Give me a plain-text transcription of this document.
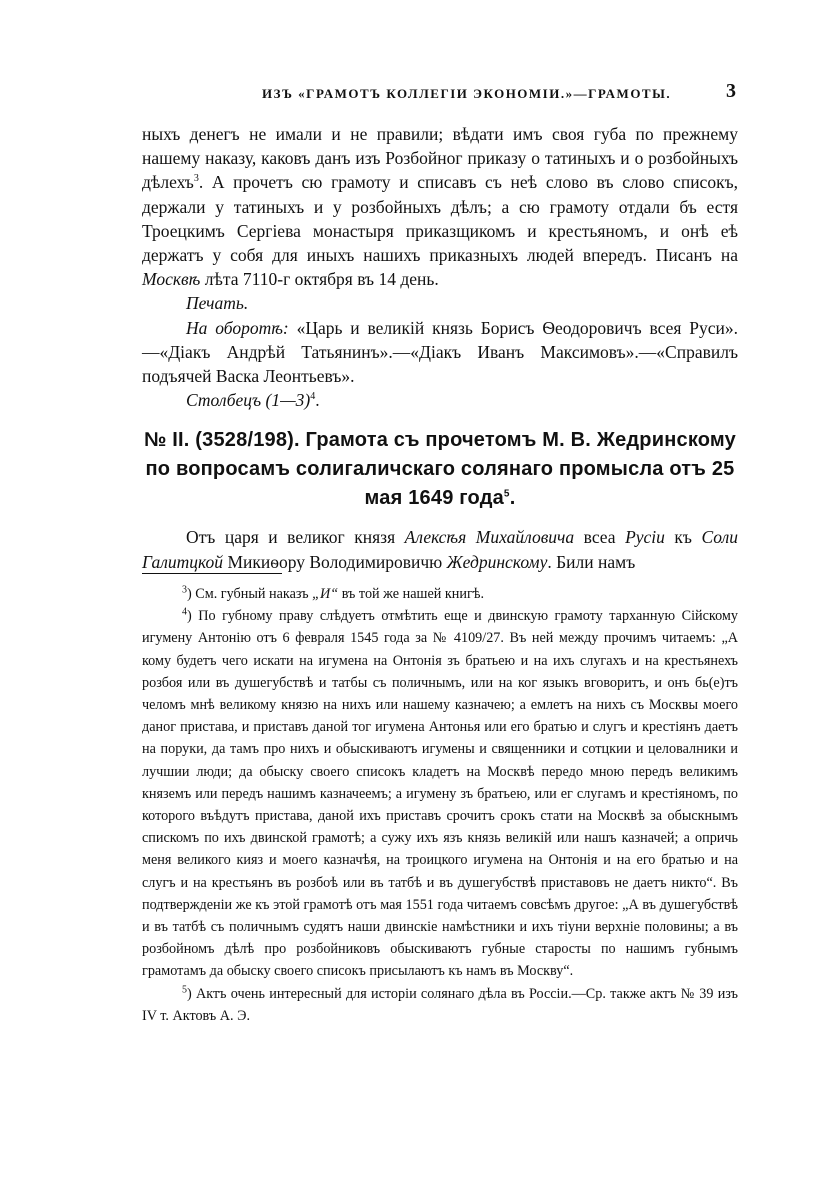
ИЗЪ «ГРАМОТЪ КОЛЛЕГІИ ЭКОНОМІИ.»—ГРАМОТЫ.	3

ныхъ денегъ не имали и не правили; вѣдати имъ своя губа по прежнему нашему наказу, каковъ данъ изъ Розбойног приказу о татиныхъ и о розбойныхъ дѣлехъ$^3$. А прочетъ сю грамоту и списавъ съ неѣ слово въ слово списокъ, держали у татиныхъ и у розбойныхъ дѣлъ; а сю грамоту отдали бъ естя Троецкимъ Сергіева монастыря приказщикомъ и крестьяномъ, и онѣ еѣ держатъ у собя для иныхъ нашихъ приказныхъ людей впередъ. Писанъ на Москвѣ лѣта 7110-г октября въ 14 день.

Печать.

На оборотѣ: «Царь и великій князь Борисъ Ѳеодоровичъ всея Руси».—«Діакъ Андрѣй Татьянинъ».—«Діакъ Иванъ Максимовъ».—«Справилъ подъячей Васка Леонтьевъ».

Столбецъ (1—3)$^4$.

№ II. (3528/198). Грамота съ прочетомъ М. В. Жедринскому по вопросамъ солигаличскаго солянаго промысла отъ 25 мая 1649 года$^5$.

Отъ царя и великог князя Алексѣя Михайловича всеа Русіи къ Соли Галитцкой Микиѳору Володимировичю Жедринскому. Били намъ

$^3$) См. губный наказъ „И“ въ той же нашей книгѣ.

$^4$) По губному праву слѣдуетъ отмѣтить еще и двинскую грамоту тарханную Сійскому игумену Антонію отъ 6 февраля 1545 года за № 4109/27. Въ ней между прочимъ читаемъ: „А кому будетъ чего искати на игумена на Онтонія зъ братьею и на ихъ слугахъ и на крестьянехъ розбоя или въ душегубствѣ и татбы съ поличнымъ, или на ког языкъ вговоритъ, и онъ бь(е)тъ челомъ мнѣ великому князю на нихъ или нашему казначею; а емлетъ на нихъ съ Москвы моего даног пристава, и приставъ даной тог игумена Антонья или его братью и слугъ и крестіянъ даетъ на поруки, да тамъ про нихъ и обыскиваютъ игумены и священники и сотцкии и целовалники и лучшии люди; да обыску своего списокъ кладетъ на Москвѣ передо мною передъ великимъ княземъ или передъ нашимъ казначеемъ; а игумену зъ братьею, или ег слугамъ и крестіяномъ, по которого въѣдутъ пристава, даной ихъ приставъ срочитъ срокъ стати на Москвѣ за обыскнымъ спискомъ по ихъ двинской грамотѣ; а сужу ихъ язъ князь великій или нашъ казначей; а опричь меня великого кияз и моего казначѣя, на троицкого игумена на Онтонія и на его братью и на слугъ и на крестьянъ въ розбоѣ или въ татбѣ и въ душегубствѣ приставовъ не даетъ никто“. Въ подтвержденіи же къ этой грамотѣ отъ мая 1551 года читаемъ совсѣмъ другое: „А въ душегубствѣ и въ татбѣ съ поличнымъ судятъ наши двинскіе намѣстники и ихъ тіуни верхніе половины; а въ розбойномъ дѣлѣ про розбойниковъ обыскиваютъ губные старосты по нашимъ губнымъ грамотамъ да обыску своего списокъ присылаютъ къ намъ въ Москву“.

$^5$) Актъ очень интересный для исторіи солянаго дѣла въ Россіи.—Ср. также актъ № 39 изъ IV т. Актовъ А. Э.
